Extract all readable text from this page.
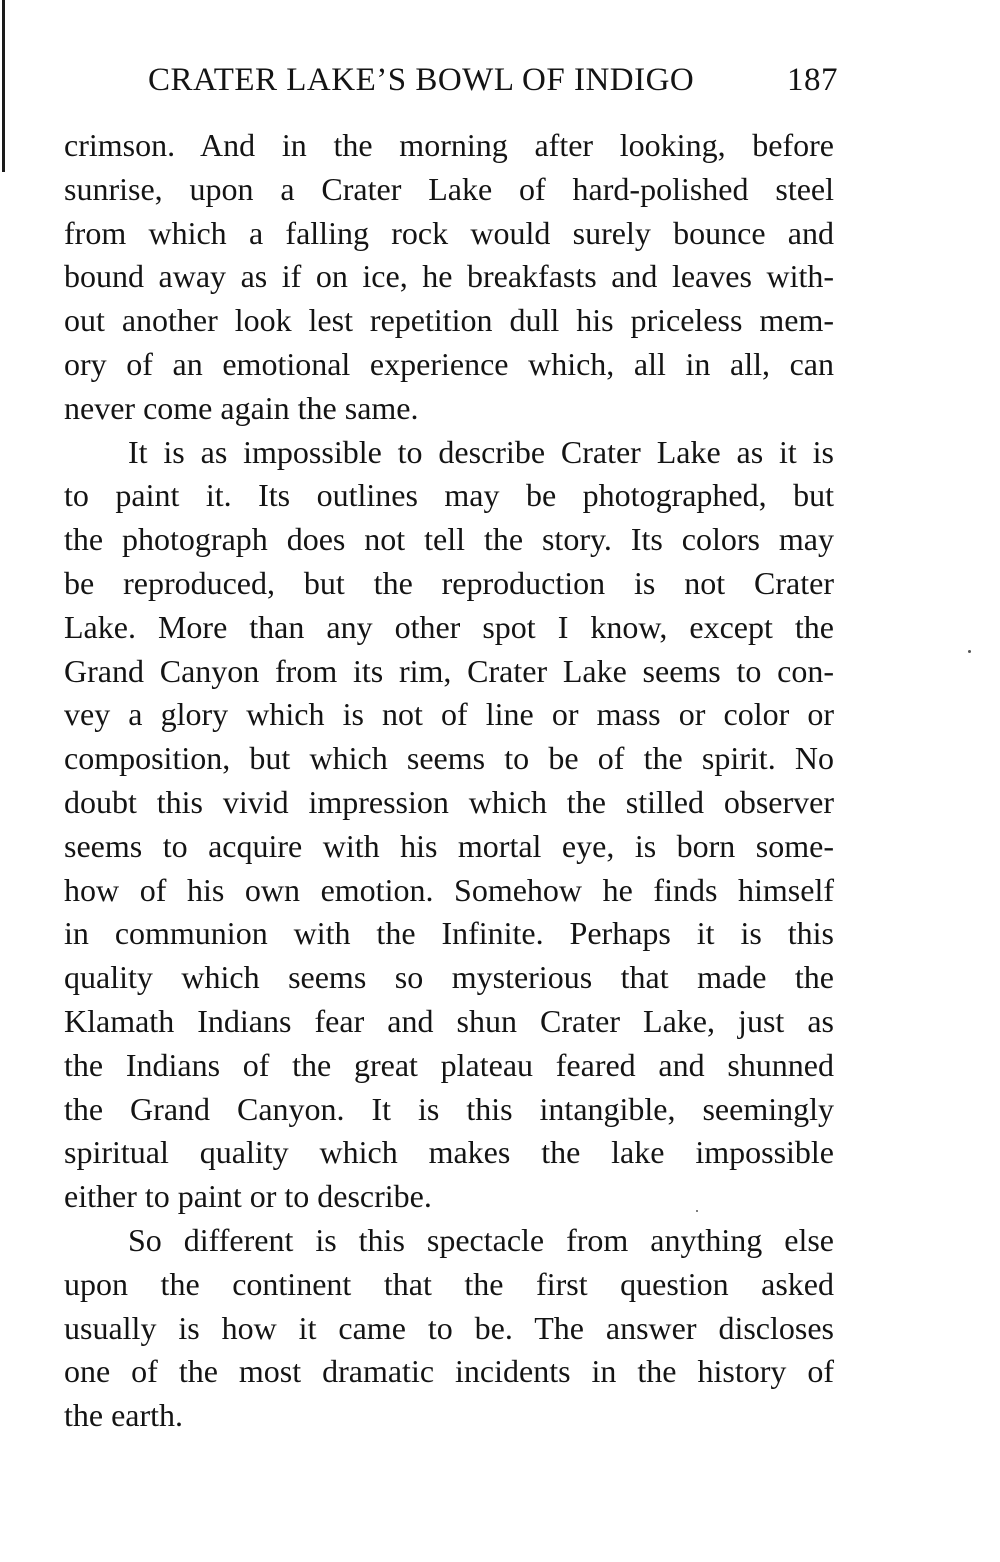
CRATER LAKE’S BOWL OF INDIGO	187
crimson. And in the morning after looking, before
sunrise, upon a Crater Lake of hard-polished steel
from which a falling rock would surely bounce and
bound away as if on ice, he breakfasts and leaves with-
out another look lest repetition dull his priceless mem-
ory of an emotional experience which, all in all, can
never come again the same.
It is as impossible to describe Crater Lake as it is
to paint it. Its outlines may be photographed, but
the photograph does not tell the story. Its colors may
be reproduced, but the reproduction is not Crater
Lake. More than any other spot I know, except the
Grand Canyon from its rim, Crater Lake seems to con-
vey a glory which is not of line or mass or color or
composition, but which seems to be of the spirit. No
doubt this vivid impression which the stilled observer
seems to acquire with his mortal eye, is born some-
how of his own emotion. Somehow he finds himself
in communion with the Infinite. Perhaps it is this
quality which seems so mysterious that made the
Klamath Indians fear and shun Crater Lake, just as
the Indians of the great plateau feared and shunned
the Grand Canyon. It is this intangible, seemingly
spiritual quality which makes the lake impossible
either to paint or to describe.
So different is this spectacle from anything else
upon the continent that the first question asked
usually is how it came to be. The answer discloses
one of the most dramatic incidents in the history of
the earth.
